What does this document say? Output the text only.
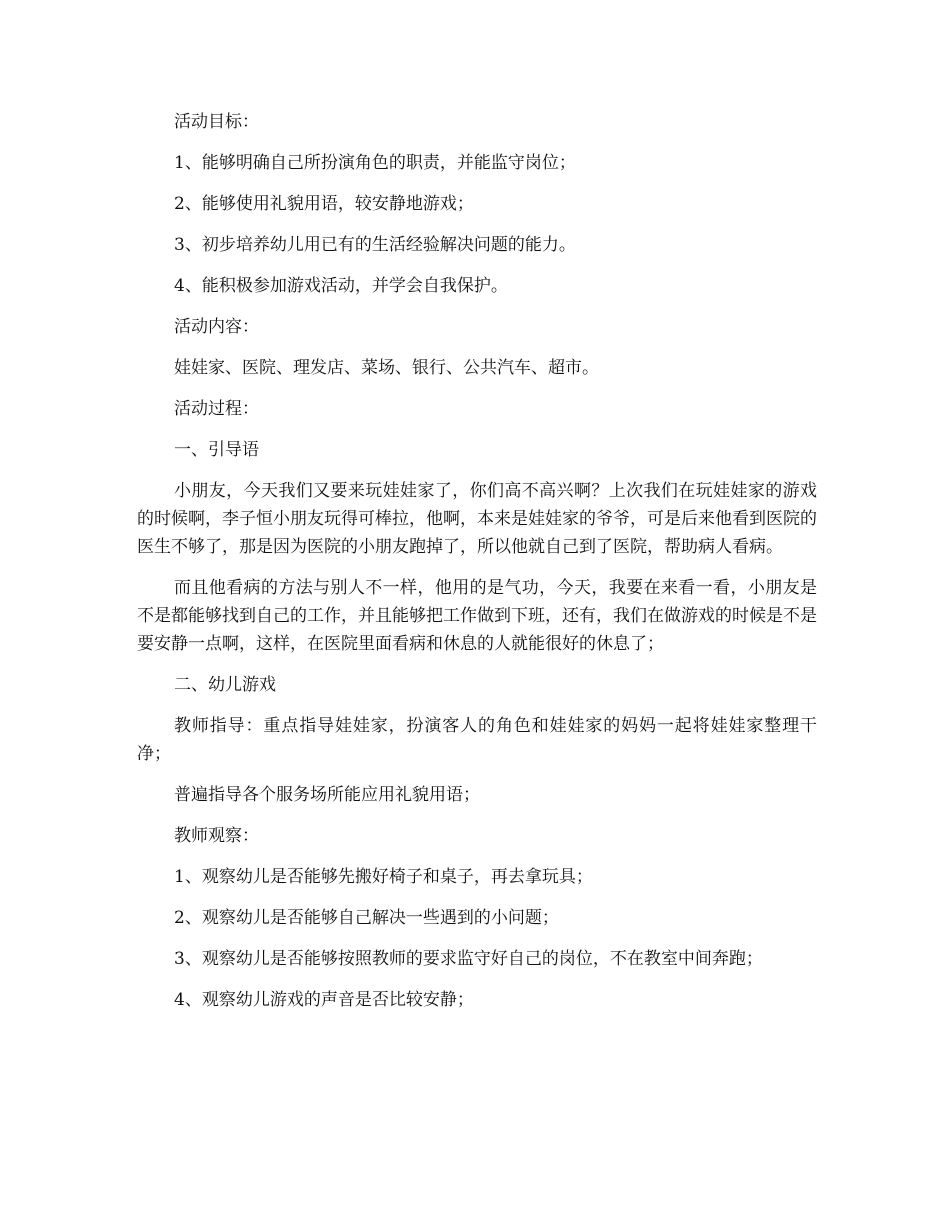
活动目标：

1、能够明确自己所扮演角色的职责，并能监守岗位；

2、能够使用礼貌用语，较安静地游戏；

3、初步培养幼儿用已有的生活经验解决问题的能力。

4、能积极参加游戏活动，并学会自我保护。

活动内容：

娃娃家、医院、理发店、菜场、银行、公共汽车、超市。

活动过程：

一、引导语

小朋友，今天我们又要来玩娃娃家了，你们高不高兴啊？上次我们在玩娃娃家的游戏的时候啊，李子恒小朋友玩得可棒拉，他啊，本来是娃娃家的爷爷，可是后来他看到医院的医生不够了，那是因为医院的小朋友跑掉了，所以他就自己到了医院，帮助病人看病。

而且他看病的方法与别人不一样，他用的是气功，今天，我要在来看一看，小朋友是不是都能够找到自己的工作，并且能够把工作做到下班，还有，我们在做游戏的时候是不是要安静一点啊，这样，在医院里面看病和休息的人就能很好的休息了；

二、幼儿游戏

教师指导：重点指导娃娃家，扮演客人的角色和娃娃家的妈妈一起将娃娃家整理干净；

普遍指导各个服务场所能应用礼貌用语；

教师观察：

1、观察幼儿是否能够先搬好椅子和桌子，再去拿玩具；

2、观察幼儿是否能够自己解决一些遇到的小问题；

3、观察幼儿是否能够按照教师的要求监守好自己的岗位，不在教室中间奔跑；

4、观察幼儿游戏的声音是否比较安静；
